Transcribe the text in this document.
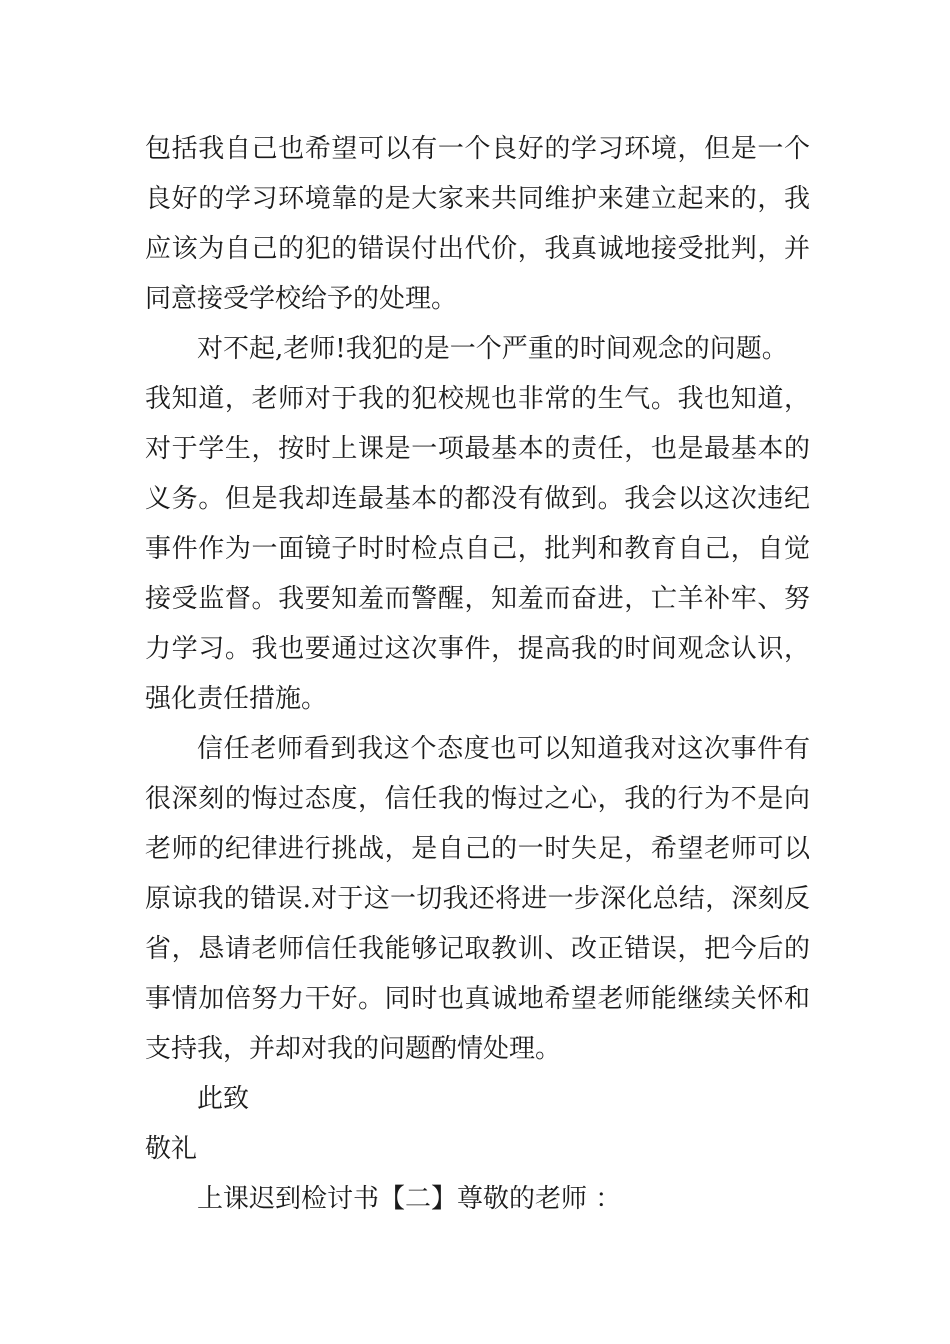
包括我自己也希望可以有一个良好的学习环境，但是一个
良好的学习环境靠的是大家来共同维护来建立起来的，我
应该为自己的犯的错误付出代价，我真诚地接受批判，并
同意接受学校给予的处理。
对不起,老师!我犯的是一个严重的时间观念的问题。
我知道，老师对于我的犯校规也非常的生气。我也知道，
对于学生，按时上课是一项最基本的责任，也是最基本的
义务。但是我却连最基本的都没有做到。我会以这次违纪
事件作为一面镜子时时检点自己，批判和教育自己，自觉
接受监督。我要知羞而警醒，知羞而奋进，亡羊补牢、努
力学习。我也要通过这次事件，提高我的时间观念认识，
强化责任措施。
信任老师看到我这个态度也可以知道我对这次事件有
很深刻的悔过态度，信任我的悔过之心，我的行为不是向
老师的纪律进行挑战，是自己的一时失足，希望老师可以
原谅我的错误.对于这一切我还将进一步深化总结，深刻反
省，恳请老师信任我能够记取教训、改正错误，把今后的
事情加倍努力干好。同时也真诚地希望老师能继续关怀和
支持我，并却对我的问题酌情处理。

此致

敬礼

上课迟到检讨书【二】尊敬的老师 ：
